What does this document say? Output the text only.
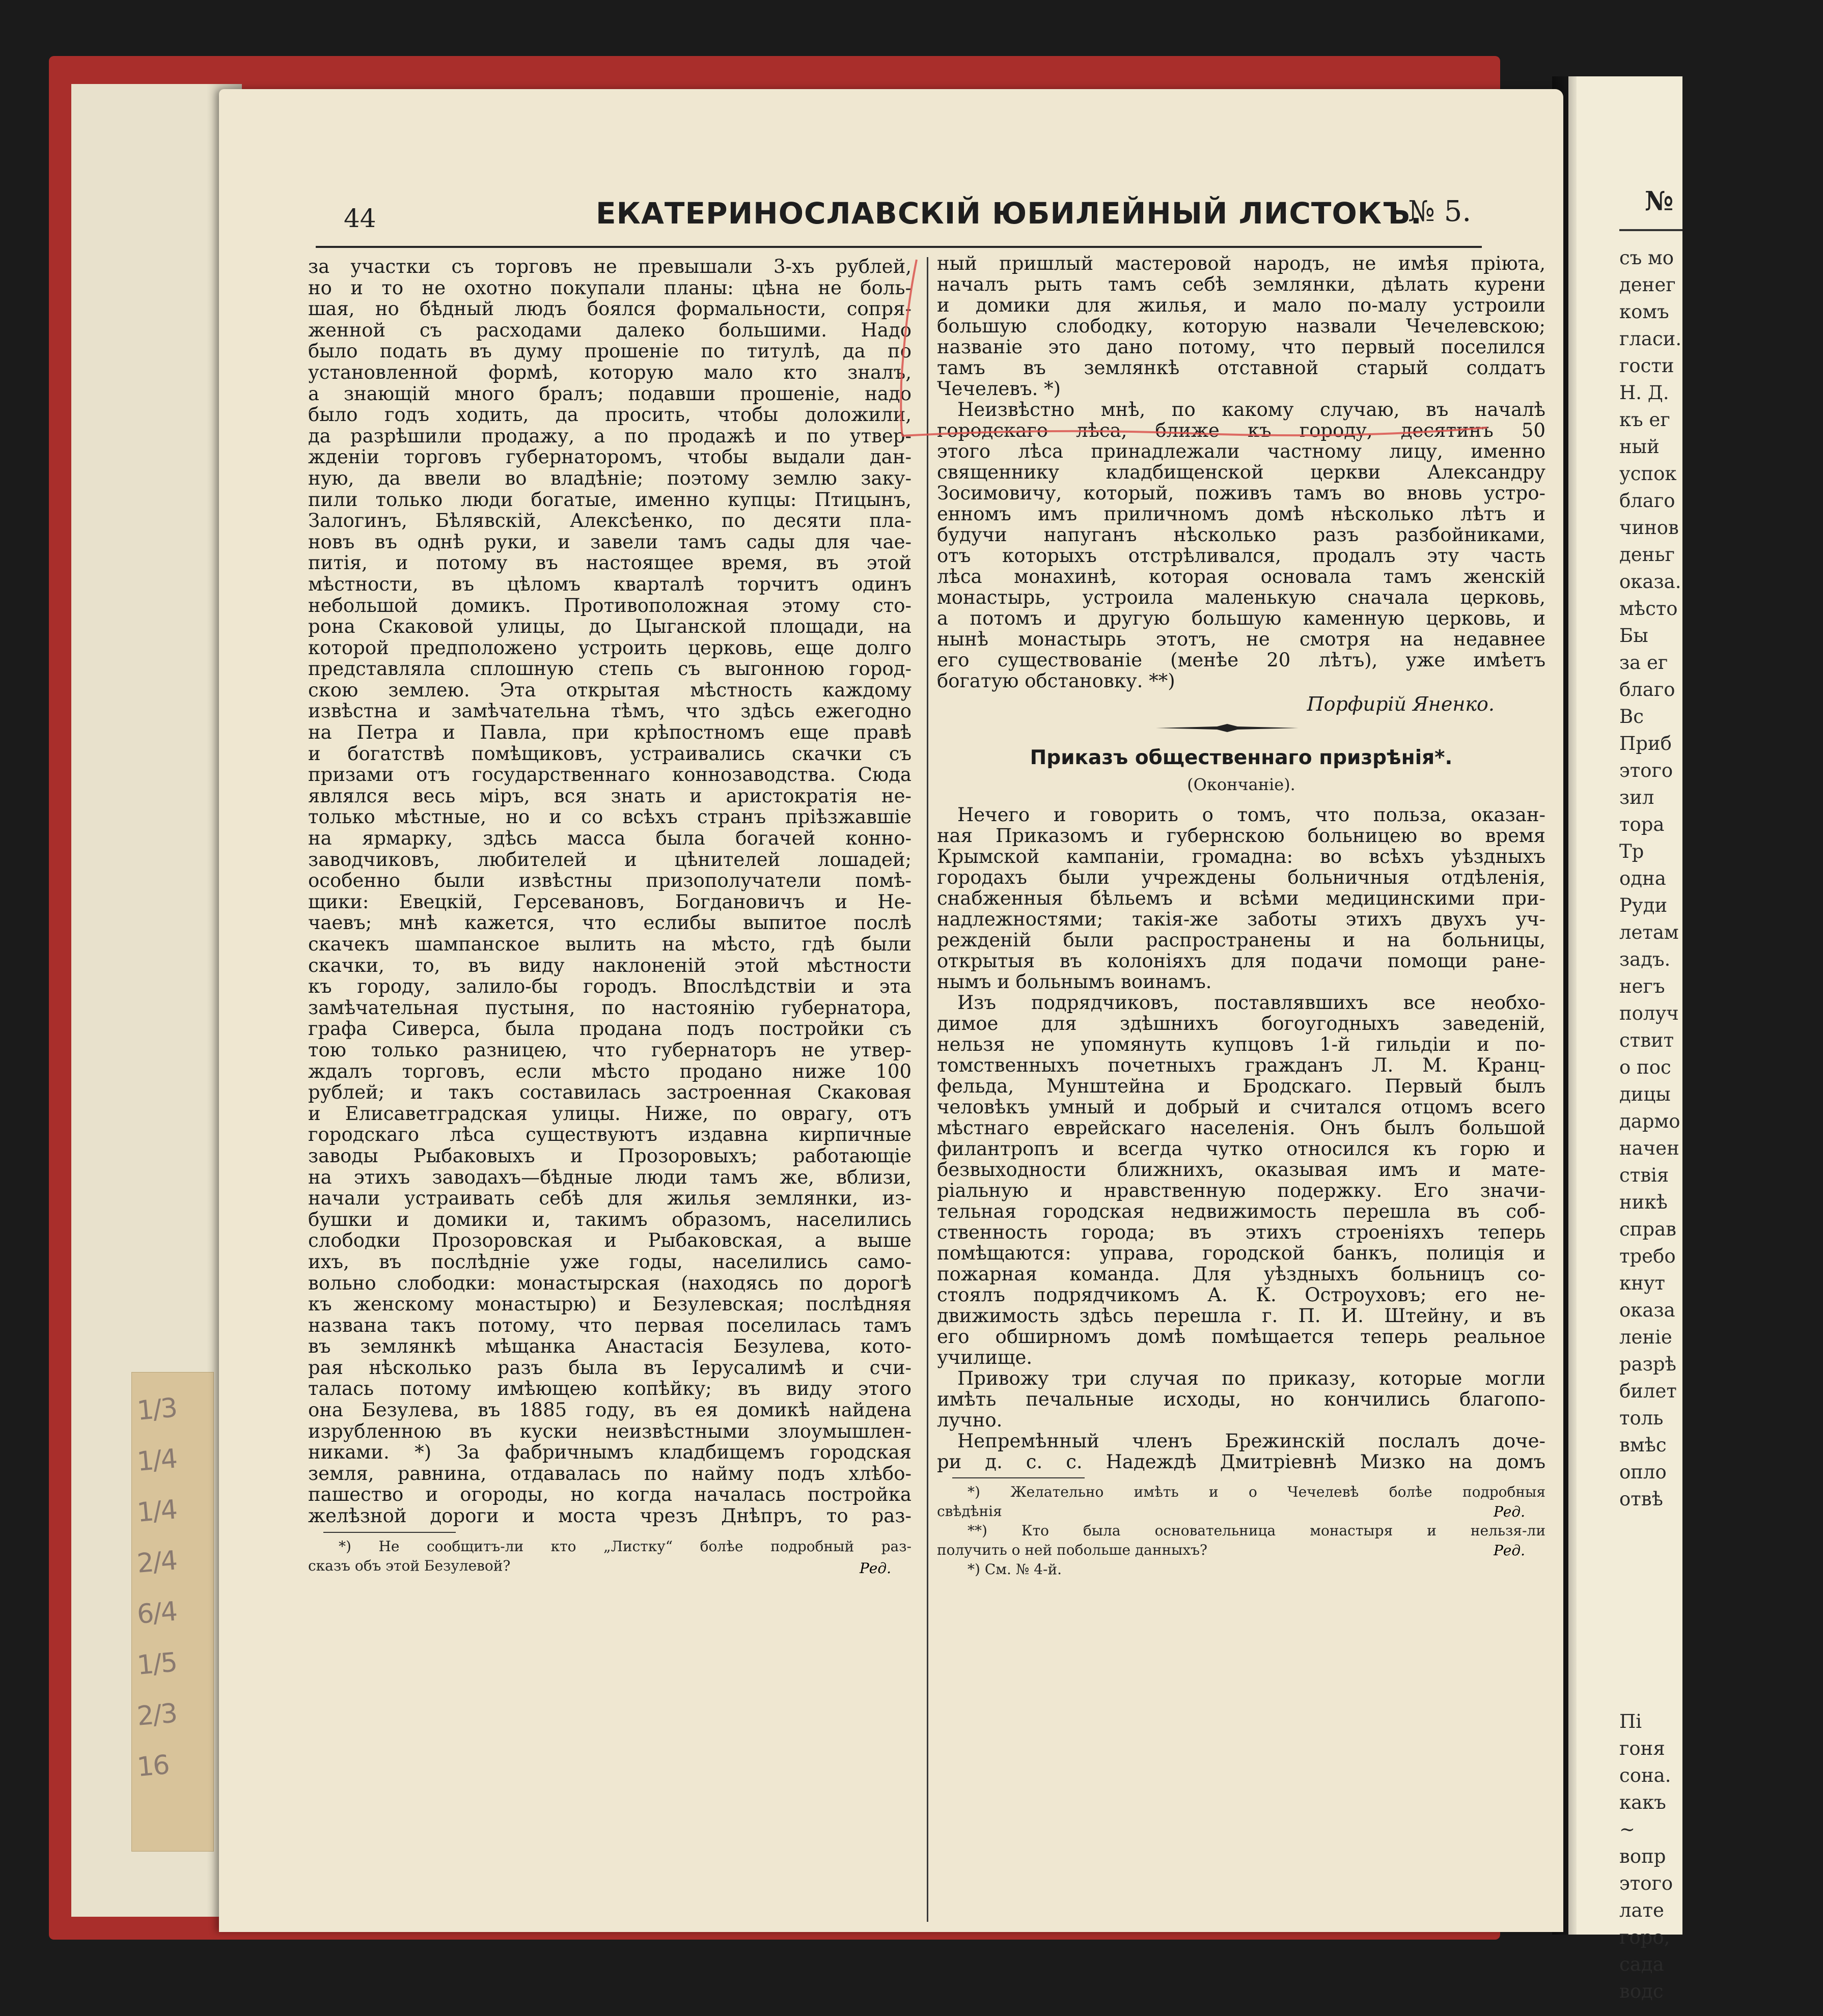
1/3
1/4
1/4
2/4
6/4
1/5
2/3
16
№
съ мо
денег
комъ
гласи.
гости
Н. Д.
къ ег
ный
успок
благо
чинов
деньг
оказа.
мѣсто
Бы
за ег
благо
Вс
Приб
этого
зил
тора
Тр
одна
Руди
летам
задъ.
негъ
получ
ствит
о пос
дицы
дармо
начен
ствія
никѣ
справ
требо
кнут
оказа
леніе
разрѣ
билет
толь
вмѣс
опло
отвѣ
Пі
гоня
сона.
какъ
~
вопр
этого
лате
горо,
сада
водс
44	ЕКАТЕРИНОСЛАВСКІЙ ЮБИЛЕЙНЫЙ ЛИСТОКЪ.
№ 5.
за участки съ торговъ не превышали 3-хъ рублей,
но и то не охотно покупали планы: цѣна не боль-
шая, но бѣдный людъ боялся формальности, сопря-
женной съ расходами далеко большими. Надо
было подать въ думу прошеніе по титулѣ, да по
установленной формѣ, которую мало кто зналъ,
а знающій много бралъ; подавши прошеніе, надо
было годъ ходить, да просить, чтобы доложили,
да разрѣшили продажу, а по продажѣ и по утвер-
жденіи торговъ губернаторомъ, чтобы выдали дан-
ную, да ввели во владѣніе; поэтому землю заку-
пили только люди богатые, именно купцы: Птицынъ,
Залогинъ, Бѣлявскій, Алексѣенко, по десяти пла-
новъ въ однѣ руки, и завели тамъ сады для чае-
питія, и потому въ настоящее время, въ этой
мѣстности, въ цѣломъ кварталѣ торчитъ одинъ
небольшой домикъ. Противоположная этому сто-
рона Скаковой улицы, до Цыганской площади, на
которой предположено устроить церковь, еще долго
представляла сплошную степь съ выгонною город-
скою землею. Эта открытая мѣстность каждому
извѣстна и замѣчательна тѣмъ, что здѣсь ежегодно
на Петра и Павла, при крѣпостномъ еще правѣ
и богатствѣ помѣщиковъ, устраивались скачки съ
призами отъ государственнаго коннозаводства. Сюда
являлся весь міръ, вся знать и аристократія не-
только мѣстные, но и со всѣхъ странъ пріѣзжавшіе
на ярмарку, здѣсь масса была богачей конно-
заводчиковъ, любителей и цѣнителей лошадей;
особенно были извѣстны призополучатели помѣ-
щики: Евецкій, Герсевановъ, Богдановичъ и Не-
чаевъ; мнѣ кажется, что еслибы выпитое послѣ
скачекъ шампанское вылить на мѣсто, гдѣ были
скачки, то, въ виду наклоненій этой мѣстности
къ городу, залило-бы городъ. Впослѣдствіи и эта
замѣчательная пустыня, по настоянію губернатора,
графа Сиверса, была продана подъ постройки съ
тою только разницею, что губернаторъ не утвер-
ждалъ торговъ, если мѣсто продано ниже 100
рублей; и такъ составилась застроенная Скаковая
и Елисаветградская улицы. Ниже, по оврагу, отъ
городскаго лѣса существуютъ издавна кирпичные
заводы Рыбаковыхъ и Прозоровыхъ; работающіе
на этихъ заводахъ—бѣдные люди тамъ же, вблизи,
начали устраивать себѣ для жилья землянки, из-
бушки и домики и, такимъ образомъ, населились
слободки Прозоровская и Рыбаковская, а выше
ихъ, въ послѣдніе уже годы, населились само-
вольно слободки: монастырская (находясь по дорогѣ
къ женскому монастырю) и Безулевская; послѣдняя
названа такъ потому, что первая поселилась тамъ
въ землянкѣ мѣщанка Анастасія Безулева, кото-
рая нѣсколько разъ была въ Іерусалимѣ и счи-
талась потому имѣющею копѣйку; въ виду этого
она Безулева, въ 1885 году, въ ея домикѣ найдена
изрубленною въ куски неизвѣстными злоумышлен-
никами. *) За фабричнымъ кладбищемъ городская
земля, равнина, отдавалась по найму подъ хлѣбо-
пашество и огороды, но когда началась постройка
желѣзной дороги и моста чрезъ Днѣпръ, то раз-
*) Не сообщитъ-ли кто „Листку“ болѣе подробный раз-
сказъ объ этой Безулевой?	Ред.
ный пришлый мастеровой народъ, не имѣя пріюта,
началъ рыть тамъ себѣ землянки, дѣлать курени
и домики для жилья, и мало по-малу устроили
большую слободку, которую назвали Чечелевскою;
названіе это дано потому, что первый поселился
тамъ въ землянкѣ отставной старый солдатъ
Чечелевъ. *)
Неизвѣстно мнѣ, по какому случаю, въ началѣ
городскаго лѣса, ближе къ городу, десятинъ 50
этого лѣса принадлежали частному лицу, именно
священнику кладбищенской церкви Александру
Зосимовичу, который, поживъ тамъ во вновь устро-
енномъ имъ приличномъ домѣ нѣсколько лѣтъ и
будучи напуганъ нѣсколько разъ разбойниками,
отъ которыхъ отстрѣливался, продалъ эту часть
лѣса монахинѣ, которая основала тамъ женскій
монастырь, устроила маленькую сначала церковь,
а потомъ и другую большую каменную церковь, и
нынѣ монастырь этотъ, не смотря на недавнее
его существованіе (менѣе 20 лѣтъ), уже имѣетъ
богатую обстановку. **)
Порфирій Яненко.
Приказъ общественнаго призрѣнія*.
(Окончаніе).
Нечего и говорить о томъ, что польза, оказан-
ная Приказомъ и губернскою больницею во время
Крымской кампаніи, громадна: во всѣхъ уѣздныхъ
городахъ были учреждены больничныя отдѣленія,
снабженныя бѣльемъ и всѣми медицинскими при-
надлежностями; такія-же заботы этихъ двухъ уч-
режденій были распространены и на больницы,
открытыя въ колоніяхъ для подачи помощи ране-
нымъ и больнымъ воинамъ.
Изъ подрядчиковъ, поставлявшихъ все необхо-
димое для здѣшнихъ богоугодныхъ заведеній,
нельзя не упомянуть купцовъ 1-й гильдіи и по-
томственныхъ почетныхъ гражданъ Л. М. Кранц-
фельда, Мунштейна и Бродскаго. Первый былъ
человѣкъ умный и добрый и считался отцомъ всего
мѣстнаго еврейскаго населенія. Онъ былъ большой
филантропъ и всегда чутко относился къ горю и
безвыходности ближнихъ, оказывая имъ и мате-
ріальную и нравственную подержку. Его значи-
тельная городская недвижимость перешла въ соб-
ственность города; въ этихъ строеніяхъ теперь
помѣщаются: управа, городской банкъ, полиція и
пожарная команда. Для уѣздныхъ больницъ со-
стоялъ подрядчикомъ А. К. Остроуховъ; его не-
движимость здѣсь перешла г. П. И. Штейну, и въ
его обширномъ домѣ помѣщается теперь реальное
училище.
Привожу три случая по приказу, которые могли
имѣть печальные исходы, но кончились благопо-
лучно.
Непремѣнный членъ Брежинскій послалъ доче-
ри д. с. с. Надеждѣ Дмитріевнѣ Мизко на домъ
*) Желательно имѣть и о Чечелевѣ болѣе подробныя
свѣдѣнія	Ред.
**) Кто была основательница монастыря и нельзя-ли
получить о ней побольше данныхъ?	Ред.
*) См. № 4-й.
